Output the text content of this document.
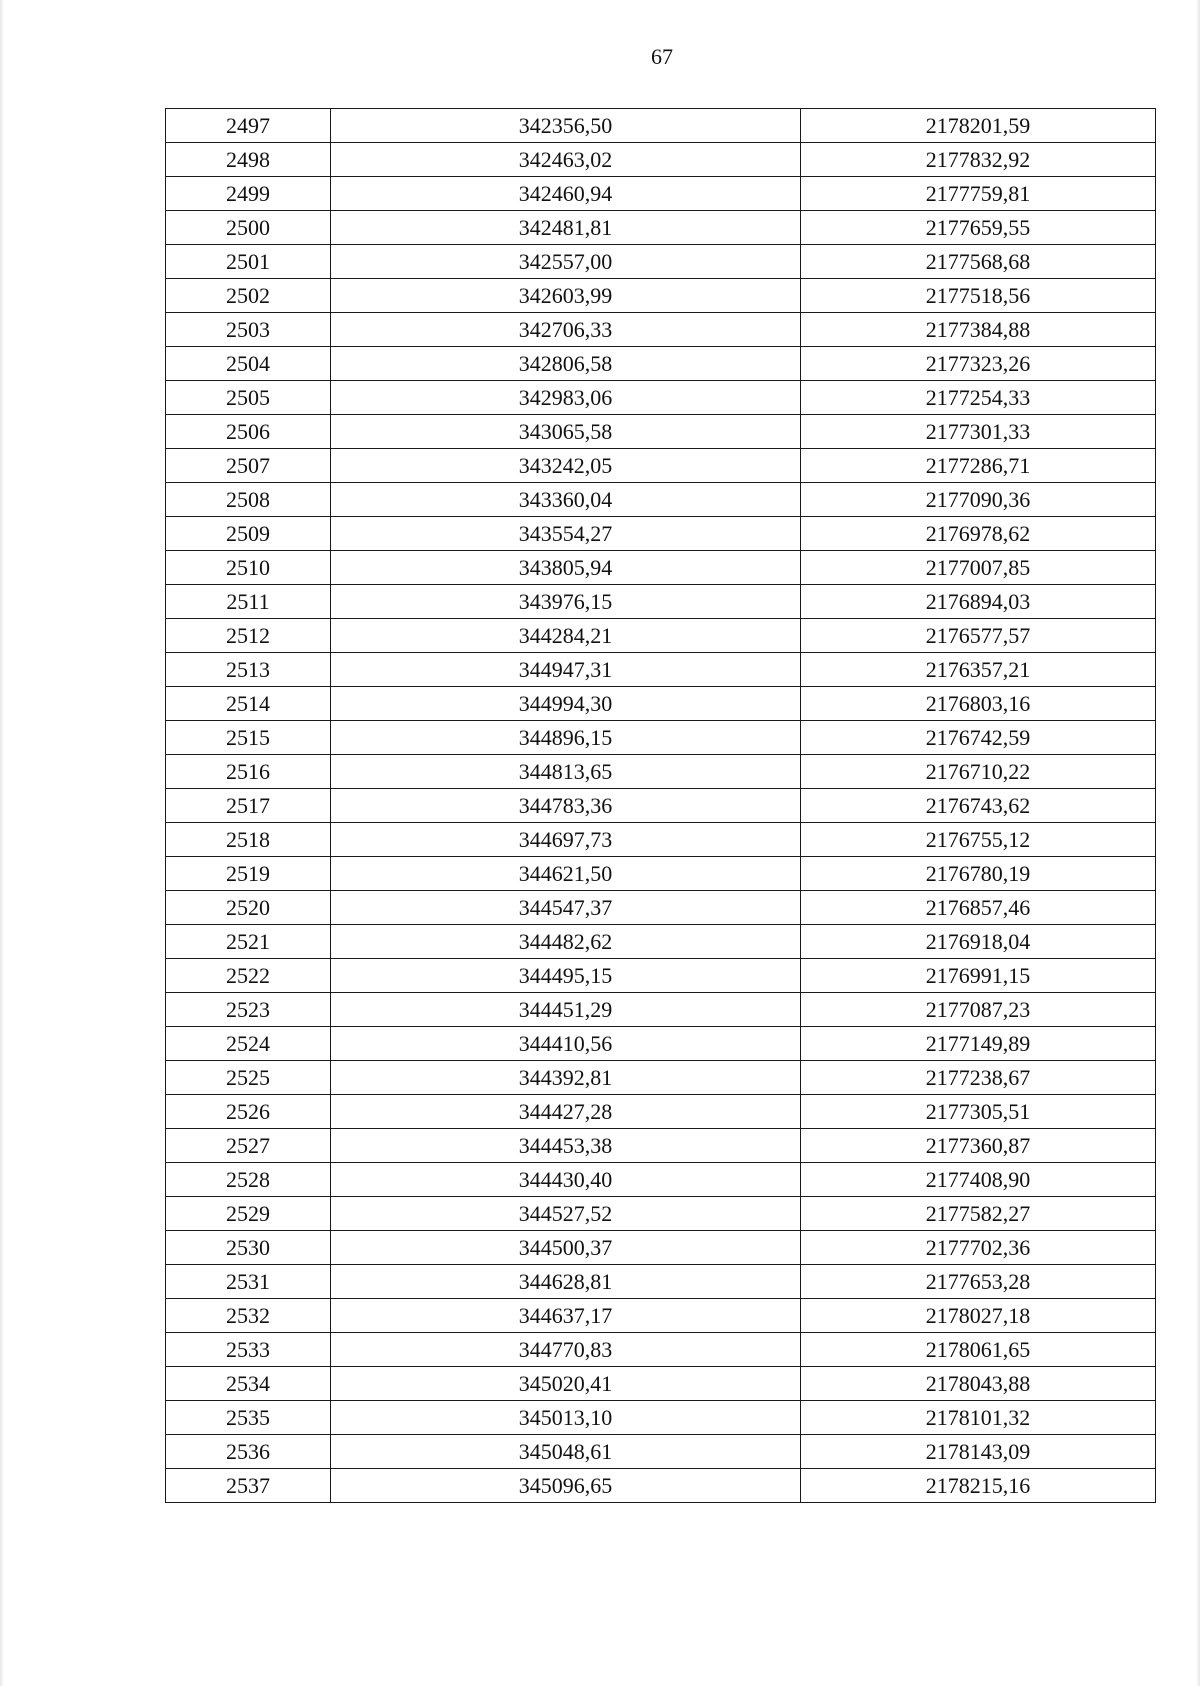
67
2497	342356,50	2178201,59
2498	342463,02	2177832,92
2499	342460,94	2177759,81
2500	342481,81	2177659,55
2501	342557,00	2177568,68
2502	342603,99	2177518,56
2503	342706,33	2177384,88
2504	342806,58	2177323,26
2505	342983,06	2177254,33
2506	343065,58	2177301,33
2507	343242,05	2177286,71
2508	343360,04	2177090,36
2509	343554,27	2176978,62
2510	343805,94	2177007,85
2511	343976,15	2176894,03
2512	344284,21	2176577,57
2513	344947,31	2176357,21
2514	344994,30	2176803,16
2515	344896,15	2176742,59
2516	344813,65	2176710,22
2517	344783,36	2176743,62
2518	344697,73	2176755,12
2519	344621,50	2176780,19
2520	344547,37	2176857,46
2521	344482,62	2176918,04
2522	344495,15	2176991,15
2523	344451,29	2177087,23
2524	344410,56	2177149,89
2525	344392,81	2177238,67
2526	344427,28	2177305,51
2527	344453,38	2177360,87
2528	344430,40	2177408,90
2529	344527,52	2177582,27
2530	344500,37	2177702,36
2531	344628,81	2177653,28
2532	344637,17	2178027,18
2533	344770,83	2178061,65
2534	345020,41	2178043,88
2535	345013,10	2178101,32
2536	345048,61	2178143,09
2537	345096,65	2178215,16
